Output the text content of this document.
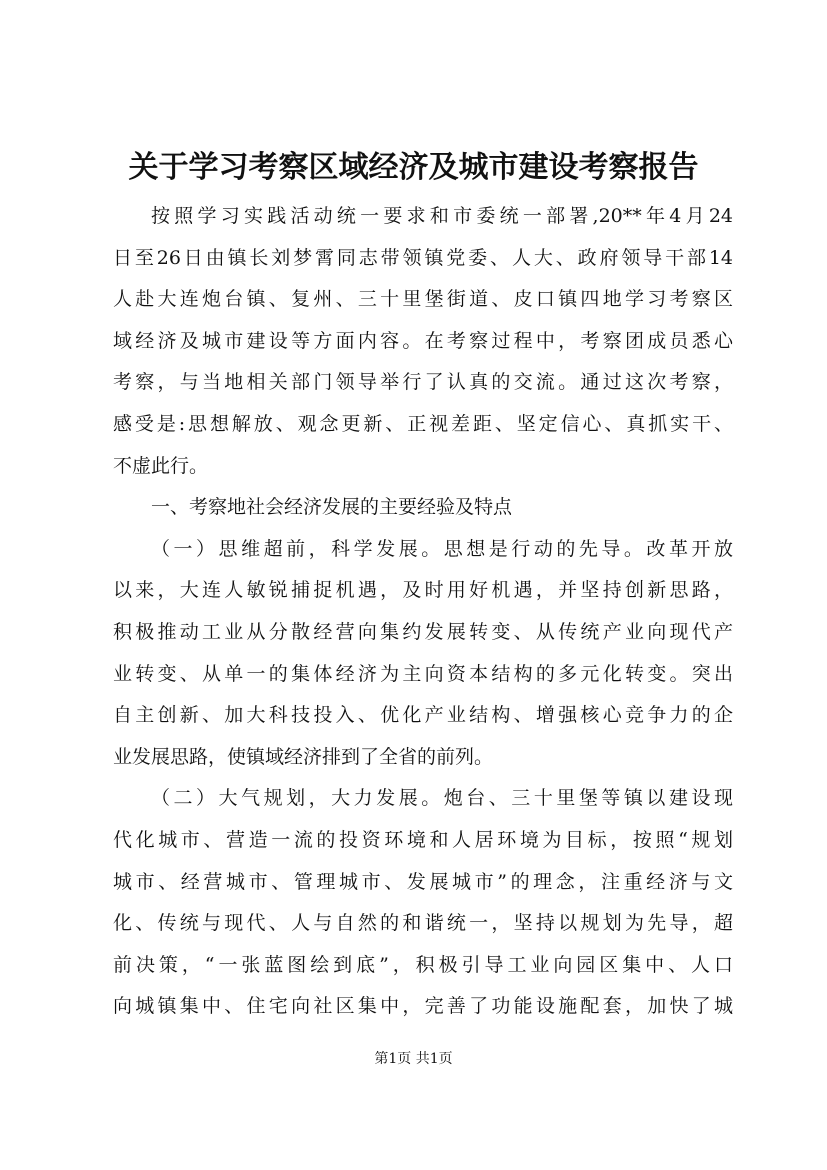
关于学习考察区域经济及城市建设考察报告
按照学习实践活动统一要求和市委统一部署,20**年4月24
日至26日由镇长刘梦霄同志带领镇党委、人大、政府领导干部14
人赴大连炮台镇、复州、三十里堡街道、皮口镇四地学习考察区
域经济及城市建设等方面内容。在考察过程中，考察团成员悉心
考察，与当地相关部门领导举行了认真的交流。通过这次考察，
感受是:思想解放、观念更新、正视差距、坚定信心、真抓实干、
不虚此行。
一、考察地社会经济发展的主要经验及特点
（一）思维超前，科学发展。思想是行动的先导。改革开放
以来，大连人敏锐捕捉机遇，及时用好机遇，并坚持创新思路，
积极推动工业从分散经营向集约发展转变、从传统产业向现代产
业转变、从单一的集体经济为主向资本结构的多元化转变。突出
自主创新、加大科技投入、优化产业结构、增强核心竞争力的企
业发展思路，使镇域经济排到了全省的前列。
（二）大气规划，大力发展。炮台、三十里堡等镇以建设现
代化城市、营造一流的投资环境和人居环境为目标，按照“规划
城市、经营城市、管理城市、发展城市”的理念，注重经济与文
化、传统与现代、人与自然的和谐统一，坚持以规划为先导，超
前决策，“一张蓝图绘到底”，积极引导工业向园区集中、人口
向城镇集中、住宅向社区集中，完善了功能设施配套，加快了城
第1页 共1页
